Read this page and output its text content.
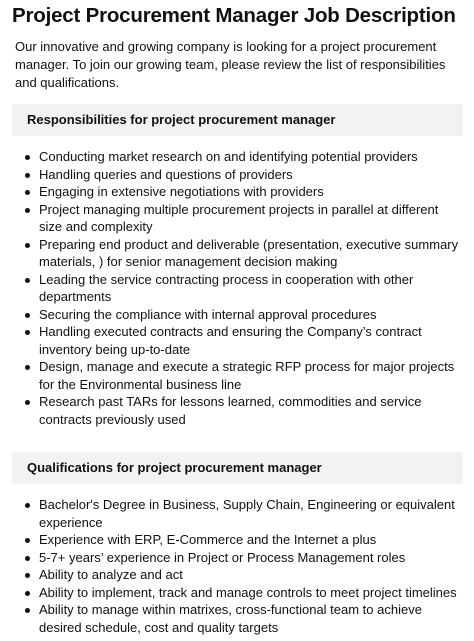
Project Procurement Manager Job Description

Our innovative and growing company is looking for a project procurement manager. To join our growing team, please review the list of responsibilities and qualifications.

Responsibilities for project procurement manager
Conducting market research on and identifying potential providers
Handling queries and questions of providers
Engaging in extensive negotiations with providers
Project managing multiple procurement projects in parallel at different size and complexity
Preparing end product and deliverable (presentation, executive summary materials, ) for senior management decision making
Leading the service contracting process in cooperation with other departments
Securing the compliance with internal approval procedures
Handling executed contracts and ensuring the Company’s contract inventory being up-to-date
Design, manage and execute a strategic RFP process for major projects for the Environmental business line
Research past TARs for lessons learned, commodities and service contracts previously used
Qualifications for project procurement manager
Bachelor's Degree in Business, Supply Chain, Engineering or equivalent experience
Experience with ERP, E-Commerce and the Internet a plus
5-7+ years’ experience in Project or Process Management roles
Ability to analyze and act
Ability to implement, track and manage controls to meet project timelines
Ability to manage within matrixes, cross-functional team to achieve desired schedule, cost and quality targets
